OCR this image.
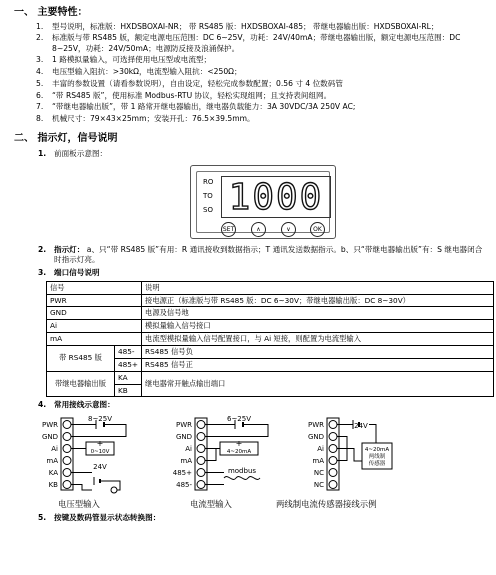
一、 主要特性：
1. 型号说明，标准版：HXDSBOXAI-NR； 带 RS485 版：HXDSBOXAI-485； 带继电器输出版：HXDSBOXAI-RL；
2. 标准版与带 RS485 版，额定电源电压范围：DC 6~25V，功耗：24V/40mA；带继电器输出版，额定电源电压范围：DC 8~25V，功耗：24V/50mA；电源防反接及浪涌保护。
3. 1 路模拟量输入，可选择使用电压型或电流型；
4. 电压型输入阻抗：>30kΩ，电流型输入阻抗：<250Ω；
5. 丰富的参数设置（请看参数说明），自由设定，轻松完成参数配置；0.56 寸 4 位数码管
6. “带 RS485 版”，使用标准 Modbus-RTU 协议，轻松实现组网；且支持表间组网。
7. “带继电器输出版”，带 1 路常开继电器输出，继电器负载能力：3A 30VDC/3A 250V AC;
8. 机械尺寸：79×43×25mm；安装开孔：76.5×39.5mm。
二、 指示灯，信号说明
1. 前面板示意图：
RO
TO
SO 1000
SET	∧	∨	OK
2. 指示灯： a、只“带 RS485 版”有用：R 通讯接收到数据指示；T 通讯发送数据指示。b、只“带继电器输出版”有：S 继电器闭合时指示灯亮。
3. 端口信号说明
信号		说明
PWR		接电源正（标准版与带 RS485 版：DC 6~30V；带继电器输出版：DC 8~30V）
GND		电源及信号地
Ai		模拟量输入信号接口
mA		电流型模拟量输入信号配置接口，与 Ai 短接，则配置为电流型输入
带 RS485 版	485-	RS485 信号负
	485+	RS485 信号正
带继电器输出版	KA	继电器常开触点输出端口
	KB	
4. 常用接线示意图：
PWR
GND
Ai
mA
KA
KB
8~25V
+
0~10V
24V
PWR
GND
Ai
mA
485+
485-
6~25V
+
4~20mA
modbus
PWR
GND
Ai
mA
NC
NC
24V
4~20mA
两线制
传感器
电压型输入	电流型输入	两线制电流传感器接线示例
5. 按键及数码管显示状态转换图：
